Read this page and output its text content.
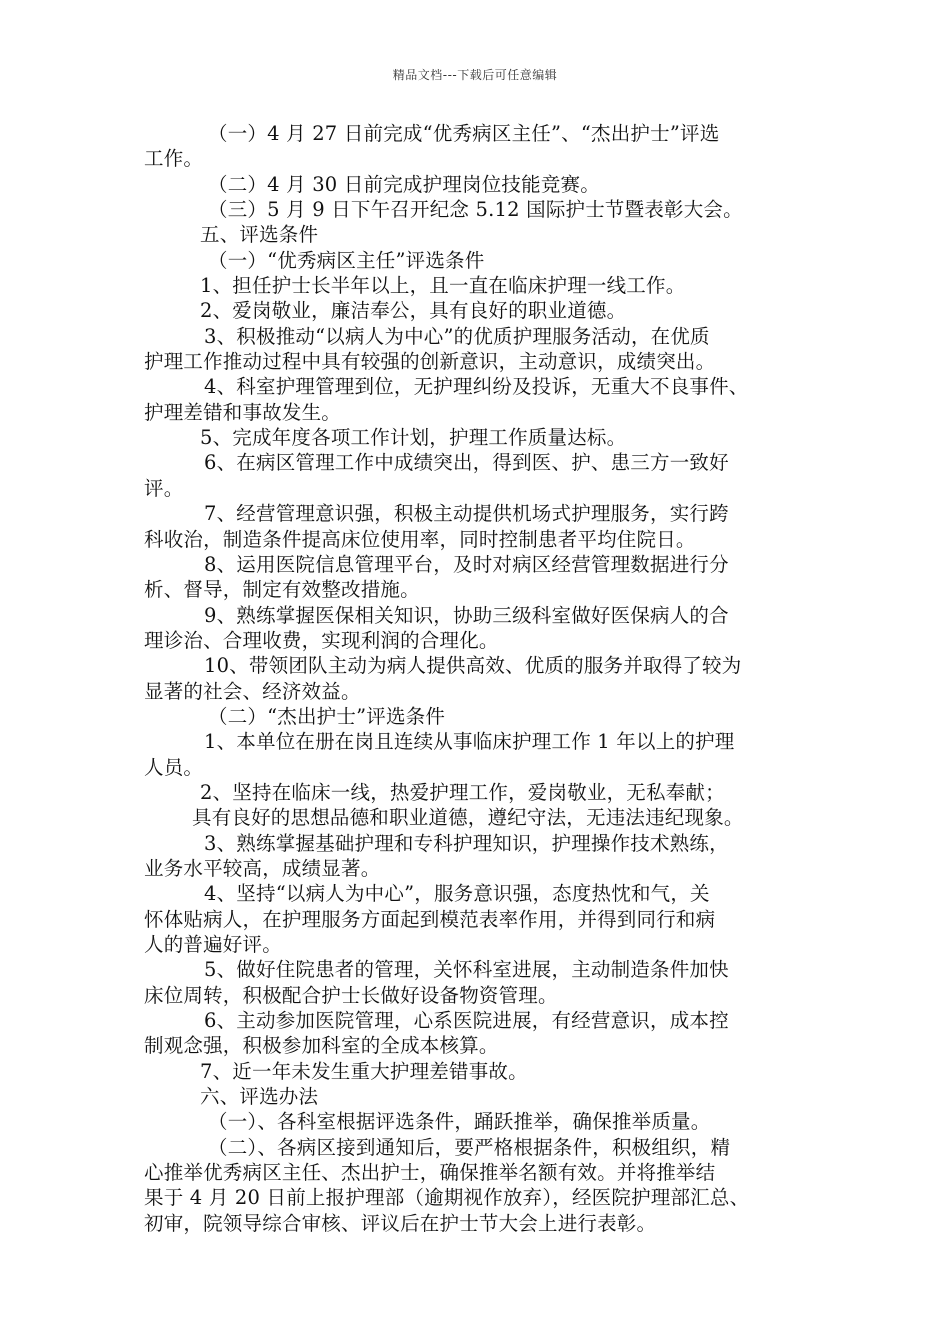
精品文档---下载后可任意编辑
（一）4 月 27 日前完成“优秀病区主任”、“杰出护士”评选
工作。
（二）4 月 30 日前完成护理岗位技能竞赛。
（三）5 月 9 日下午召开纪念 5.12 国际护士节暨表彰大会。
五、评选条件
（一）“优秀病区主任”评选条件
1、担任护士长半年以上，且一直在临床护理一线工作。
2、爱岗敬业，廉洁奉公，具有良好的职业道德。
3、积极推动“以病人为中心”的优质护理服务活动，在优质
护理工作推动过程中具有较强的创新意识，主动意识，成绩突出。
4、科室护理管理到位，无护理纠纷及投诉，无重大不良事件、
护理差错和事故发生。
5、完成年度各项工作计划，护理工作质量达标。
6、在病区管理工作中成绩突出，得到医、护、患三方一致好
评。
7、经营管理意识强，积极主动提供机场式护理服务，实行跨
科收治，制造条件提高床位使用率，同时控制患者平均住院日。
8、运用医院信息管理平台，及时对病区经营管理数据进行分
析、督导，制定有效整改措施。
9、熟练掌握医保相关知识，协助三级科室做好医保病人的合
理诊治、合理收费，实现利润的合理化。
10、带领团队主动为病人提供高效、优质的服务并取得了较为
显著的社会、经济效益。
（二）“杰出护士”评选条件
1、本单位在册在岗且连续从事临床护理工作 1 年以上的护理
人员。
2、坚持在临床一线，热爱护理工作，爱岗敬业，无私奉献；
具有良好的思想品德和职业道德，遵纪守法，无违法违纪现象。
3、熟练掌握基础护理和专科护理知识，护理操作技术熟练，
业务水平较高，成绩显著。
4、坚持“以病人为中心”，服务意识强，态度热忱和气，关
怀体贴病人，在护理服务方面起到模范表率作用，并得到同行和病
人的普遍好评。
5、做好住院患者的管理，关怀科室进展，主动制造条件加快
床位周转，积极配合护士长做好设备物资管理。
6、主动参加医院管理，心系医院进展，有经营意识，成本控
制观念强，积极参加科室的全成本核算。
7、近一年未发生重大护理差错事故。
六、评选办法
（一）、各科室根据评选条件，踊跃推举，确保推举质量。
（二）、各病区接到通知后，要严格根据条件，积极组织，精
心推举优秀病区主任、杰出护士，确保推举名额有效。并将推举结
果于 4 月 20 日前上报护理部（逾期视作放弃），经医院护理部汇总、
初审，院领导综合审核、评议后在护士节大会上进行表彰。
